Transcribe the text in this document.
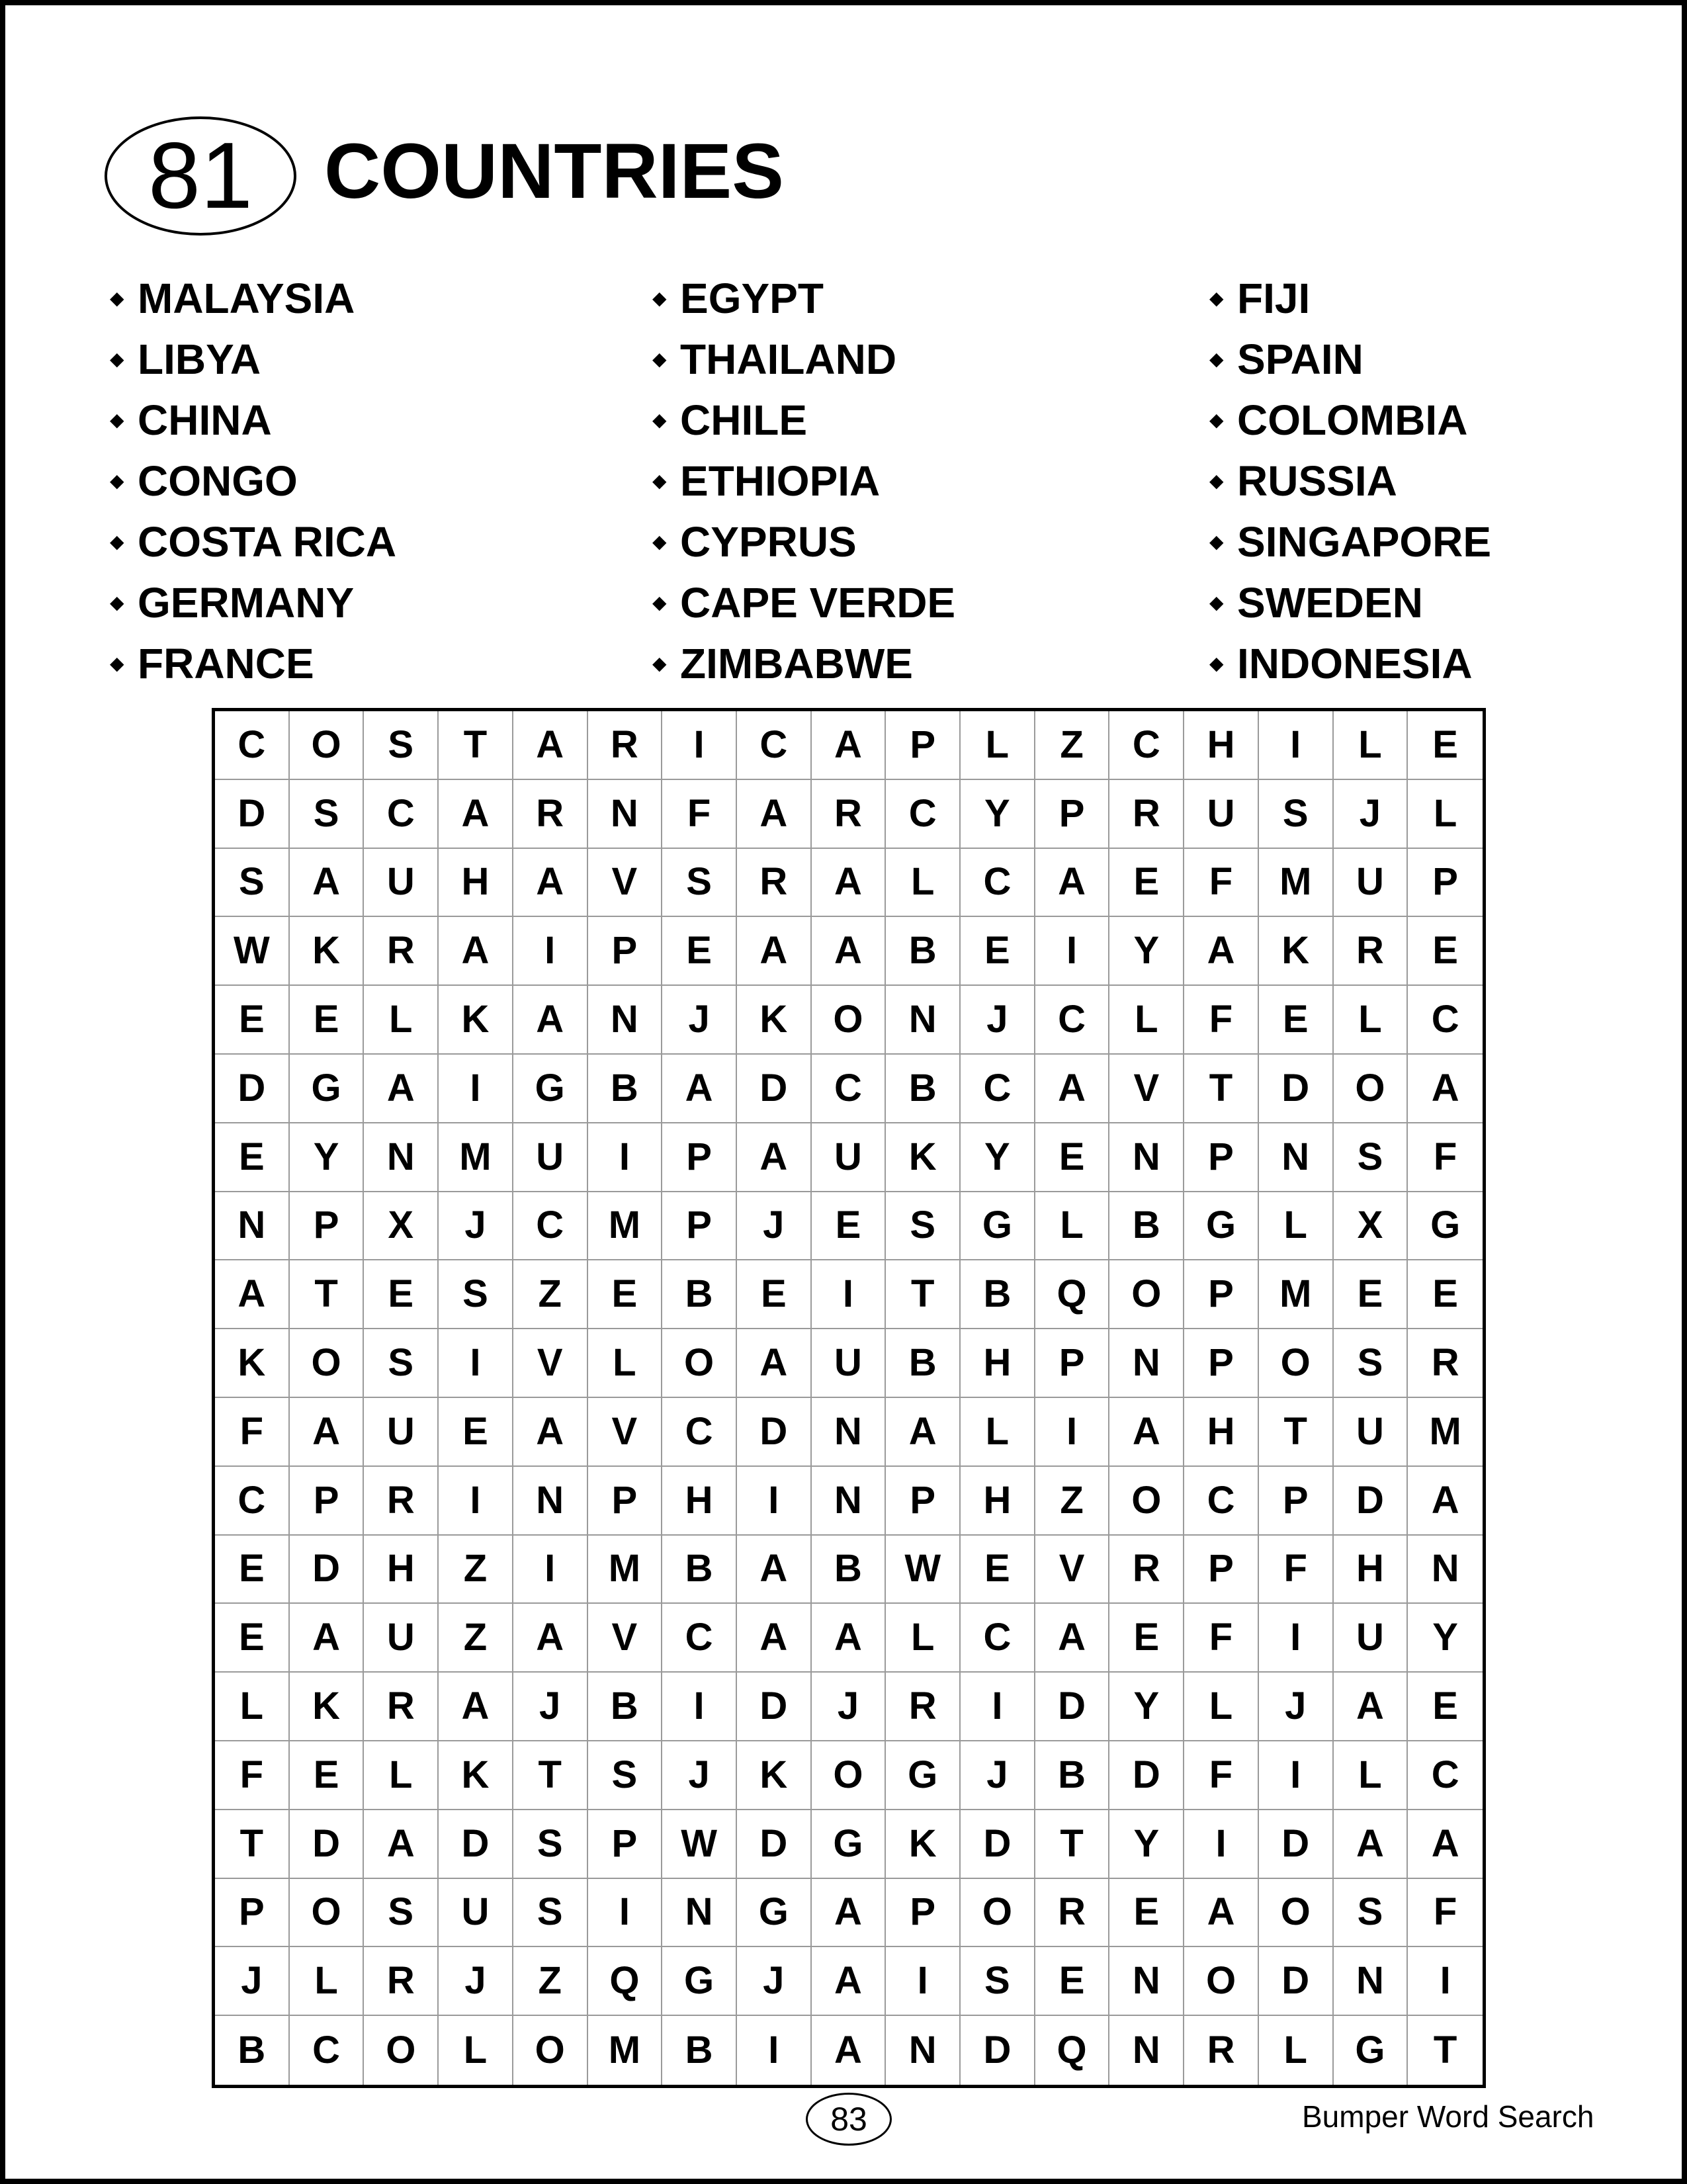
81 COUNTRIES
◆ MALAYSIA
◆ LIBYA
◆ CHINA
◆ CONGO
◆ COSTA RICA
◆ GERMANY
◆ FRANCE
◆ EGYPT
◆ THAILAND
◆ CHILE
◆ ETHIOPIA
◆ CYPRUS
◆ CAPE VERDE
◆ ZIMBABWE
◆ FIJI
◆ SPAIN
◆ COLOMBIA
◆ RUSSIA
◆ SINGAPORE
◆ SWEDEN
◆ INDONESIA
C	O	S	T	A	R	I	C	A	P	L	Z	C	H	I	L	E
D	S	C	A	R	N	F	A	R	C	Y	P	R	U	S	J	L
S	A	U	H	A	V	S	R	A	L	C	A	E	F	M	U	P
W	K	R	A	I	P	E	A	A	B	E	I	Y	A	K	R	E
E	E	L	K	A	N	J	K	O	N	J	C	L	F	E	L	C
D	G	A	I	G	B	A	D	C	B	C	A	V	T	D	O	A
E	Y	N	M	U	I	P	A	U	K	Y	E	N	P	N	S	F
N	P	X	J	C	M	P	J	E	S	G	L	B	G	L	X	G
A	T	E	S	Z	E	B	E	I	T	B	Q	O	P	M	E	E
K	O	S	I	V	L	O	A	U	B	H	P	N	P	O	S	R
F	A	U	E	A	V	C	D	N	A	L	I	A	H	T	U	M
C	P	R	I	N	P	H	I	N	P	H	Z	O	C	P	D	A
E	D	H	Z	I	M	B	A	B	W	E	V	R	P	F	H	N
E	A	U	Z	A	V	C	A	A	L	C	A	E	F	I	U	Y
L	K	R	A	J	B	I	D	J	R	I	D	Y	L	J	A	E
F	E	L	K	T	S	J	K	O	G	J	B	D	F	I	L	C
T	D	A	D	S	P	W	D	G	K	D	T	Y	I	D	A	A
P	O	S	U	S	I	N	G	A	P	O	R	E	A	O	S	F
J	L	R	J	Z	Q	G	J	A	I	S	E	N	O	D	N	I
B	C	O	L	O	M	B	I	A	N	D	Q	N	R	L	G	T
83	Bumper Word Search
